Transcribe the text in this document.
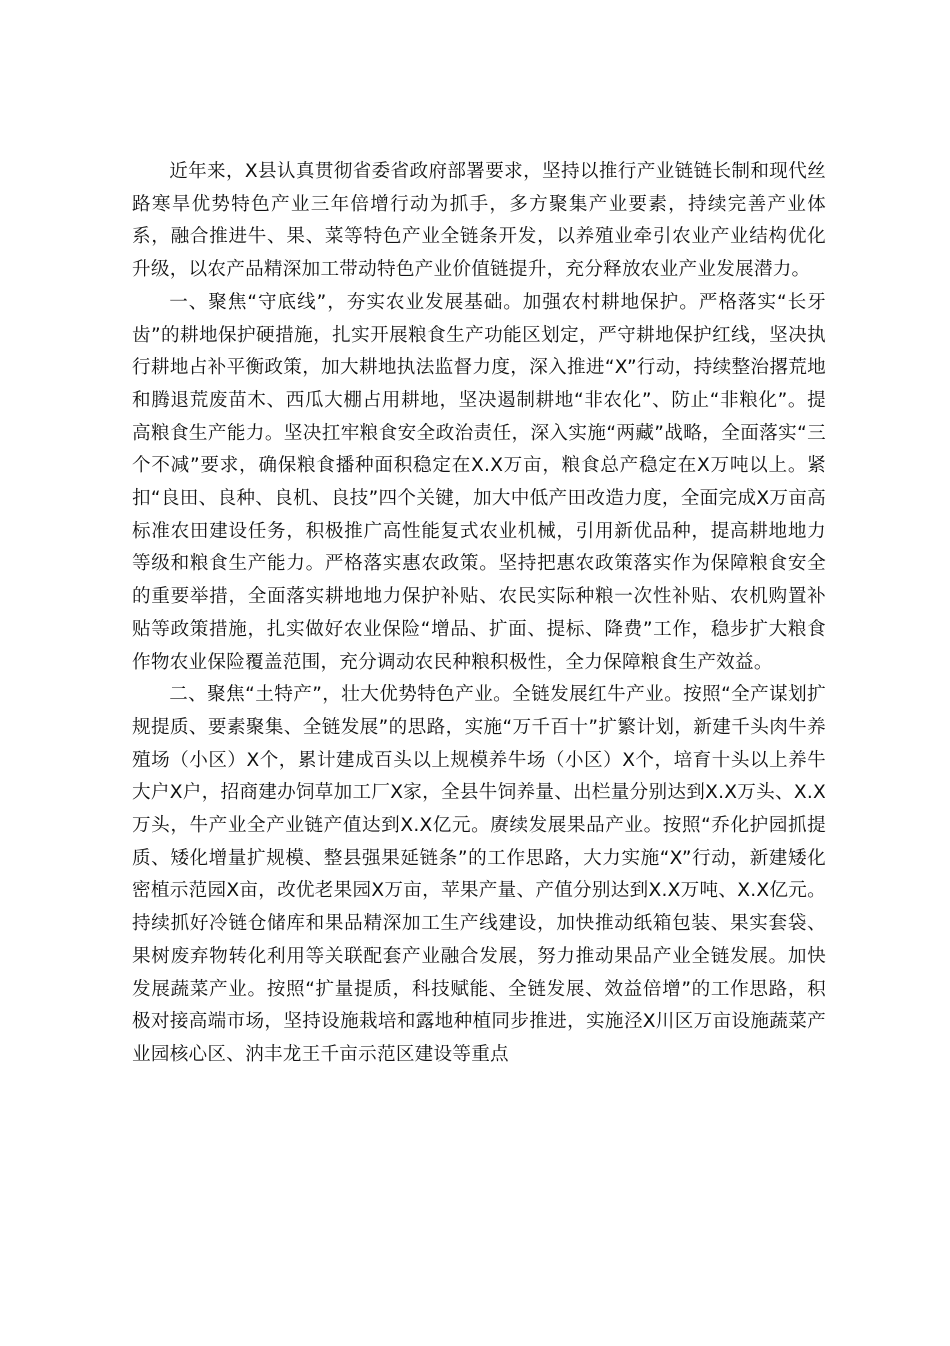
近年来，X县认真贯彻省委省政府部署要求，坚持以推行产业链链长制和现代丝路寒旱优势特色产业三年倍增行动为抓手，多方聚集产业要素，持续完善产业体系，融合推进牛、果、菜等特色产业全链条开发，以养殖业牵引农业产业结构优化升级，以农产品精深加工带动特色产业价值链提升，充分释放农业产业发展潜力。

一、聚焦“守底线”，夯实农业发展基础。加强农村耕地保护。严格落实“长牙齿”的耕地保护硬措施，扎实开展粮食生产功能区划定，严守耕地保护红线，坚决执行耕地占补平衡政策，加大耕地执法监督力度，深入推进“X”行动，持续整治撂荒地和腾退荒废苗木、西瓜大棚占用耕地，坚决遏制耕地“非农化”、防止“非粮化”。提高粮食生产能力。坚决扛牢粮食安全政治责任，深入实施“两藏”战略，全面落实“三个不减”要求，确保粮食播种面积稳定在X.X万亩，粮食总产稳定在X万吨以上。紧扣“良田、良种、良机、良技”四个关键，加大中低产田改造力度，全面完成X万亩高标准农田建设任务，积极推广高性能复式农业机械，引用新优品种，提高耕地地力等级和粮食生产能力。严格落实惠农政策。坚持把惠农政策落实作为保障粮食安全的重要举措，全面落实耕地地力保护补贴、农民实际种粮一次性补贴、农机购置补贴等政策措施，扎实做好农业保险“增品、扩面、提标、降费”工作，稳步扩大粮食作物农业保险覆盖范围，充分调动农民种粮积极性，全力保障粮食生产效益。

二、聚焦“土特产”，壮大优势特色产业。全链发展红牛产业。按照“全产谋划扩规提质、要素聚集、全链发展”的思路，实施“万千百十”扩繁计划，新建千头肉牛养殖场（小区）X个，累计建成百头以上规模养牛场（小区）X个，培育十头以上养牛大户X户，招商建办饲草加工厂X家，全县牛饲养量、出栏量分别达到X.X万头、X.X万头，牛产业全产业链产值达到X.X亿元。赓续发展果品产业。按照“乔化护园抓提质、矮化增量扩规模、整县强果延链条”的工作思路，大力实施“X”行动，新建矮化密植示范园X亩，改优老果园X万亩，苹果产量、产值分别达到X.X万吨、X.X亿元。持续抓好冷链仓储库和果品精深加工生产线建设，加快推动纸箱包装、果实套袋、果树废弃物转化利用等关联配套产业融合发展，努力推动果品产业全链发展。加快发展蔬菜产业。按照“扩量提质，科技赋能、全链发展、效益倍增”的工作思路，积极对接高端市场，坚持设施栽培和露地种植同步推进，实施泾X川区万亩设施蔬菜产业园核心区、汭丰龙王千亩示范区建设等重点
